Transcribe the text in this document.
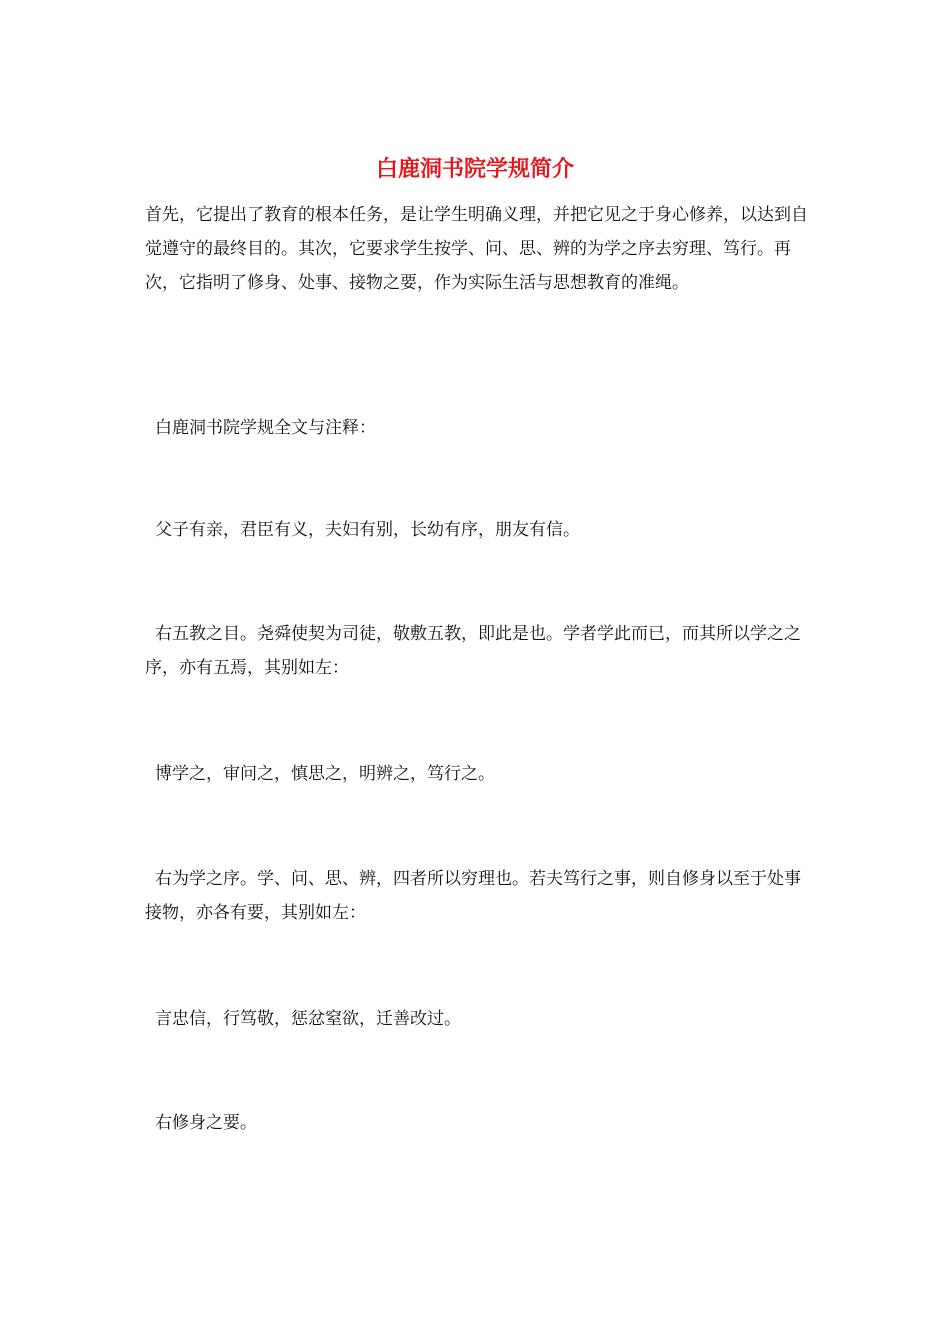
白鹿洞书院学规简介

首先，它提出了教育的根本任务，是让学生明确义理，并把它见之于身心修养，以达到自觉遵守的最终目的。其次，它要求学生按学、问、思、辨的为学之序去穷理、笃行。再次，它指明了修身、处事、接物之要，作为实际生活与思想教育的准绳。

白鹿洞书院学规全文与注释：

父子有亲，君臣有义，夫妇有别，长幼有序，朋友有信。

右五教之目。尧舜使契为司徒，敬敷五教，即此是也。学者学此而已，而其所以学之之序，亦有五焉，其别如左：

博学之，审问之，慎思之，明辨之，笃行之。

右为学之序。学、问、思、辨，四者所以穷理也。若夫笃行之事，则自修身以至于处事接物，亦各有要，其别如左：

言忠信，行笃敬，惩忿窒欲，迁善改过。

右修身之要。
